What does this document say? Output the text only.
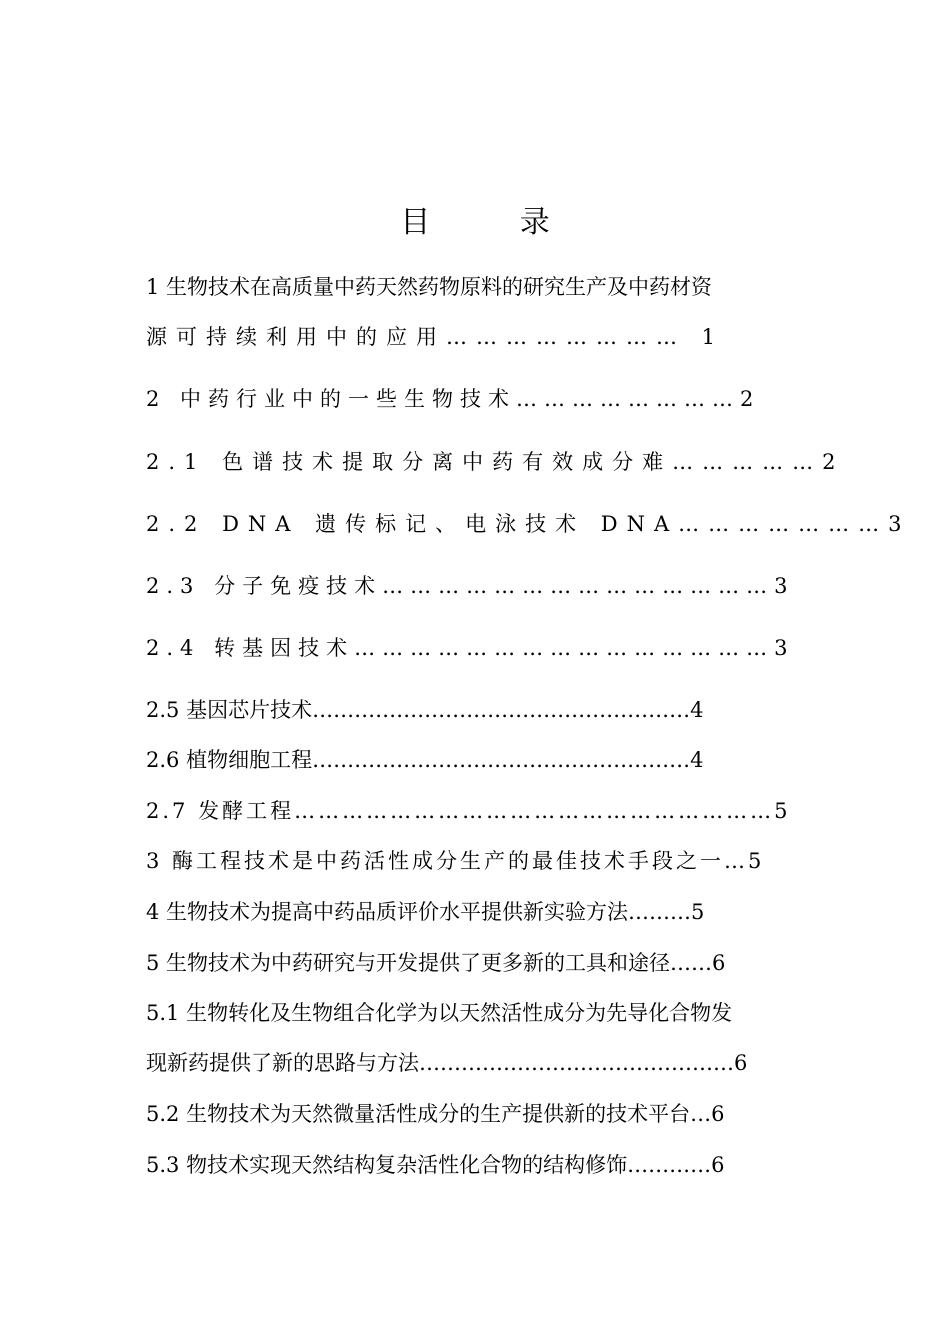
目 录
1 生物技术在高质量中药天然药物原料的研究生产及中药材资
源可持续利用中的应用…………………… 1
2 中药行业中的一些生物技术……………………2
2.1 色谱技术提取分离中药有效成分难……………2
2.2 DNA 遗传标记、电泳技术 DNA…………………3
2.3 分子免疫技术……………………………………3
2.4 转基因技术………………………………………3
2.5 基因芯片技术………………………………………………4
2.6 植物细胞工程………………………………………………4
2.7 发酵工程……………………………………………………5
3 酶工程技术是中药活性成分生产的最佳技术手段之一…5
4 生物技术为提高中药品质评价水平提供新实验方法………5
5 生物技术为中药研究与开发提供了更多新的工具和途径……6
5.1 生物转化及生物组合化学为以天然活性成分为先导化合物发
现新药提供了新的思路与方法………………………………………6
5.2 生物技术为天然微量活性成分的生产提供新的技术平台…6
5.3 物技术实现天然结构复杂活性化合物的结构修饰…………6
